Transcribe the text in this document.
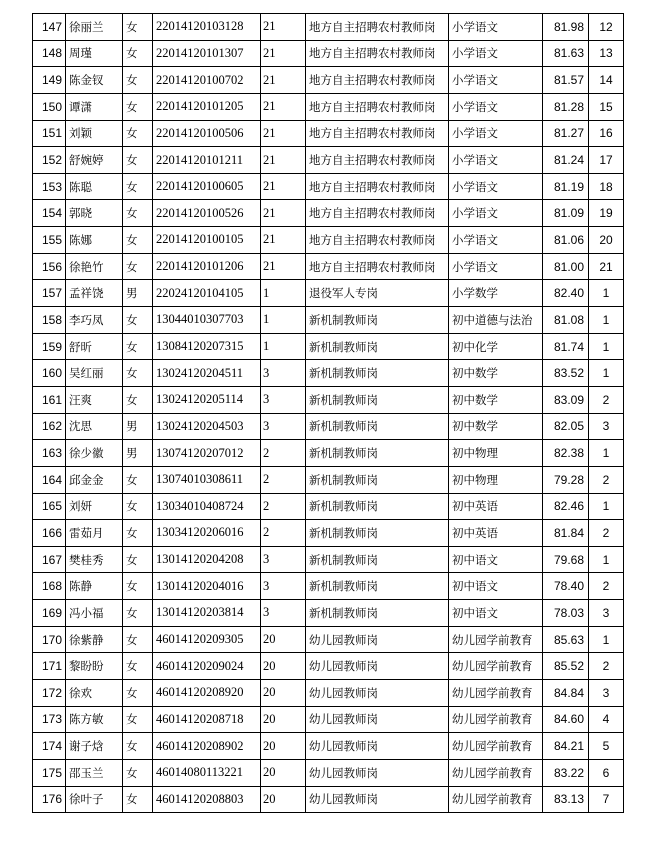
147	徐丽兰	女	22014120103128	21	地方自主招聘农村教师岗	小学语文	81.98	12
148	周瑾	女	22014120101307	21	地方自主招聘农村教师岗	小学语文	81.63	13
149	陈金钗	女	22014120100702	21	地方自主招聘农村教师岗	小学语文	81.57	14
150	谭潇	女	22014120101205	21	地方自主招聘农村教师岗	小学语文	81.28	15
151	刘颖	女	22014120100506	21	地方自主招聘农村教师岗	小学语文	81.27	16
152	舒婉婷	女	22014120101211	21	地方自主招聘农村教师岗	小学语文	81.24	17
153	陈聪	女	22014120100605	21	地方自主招聘农村教师岗	小学语文	81.19	18
154	郭晓	女	22014120100526	21	地方自主招聘农村教师岗	小学语文	81.09	19
155	陈娜	女	22014120100105	21	地方自主招聘农村教师岗	小学语文	81.06	20
156	徐艳竹	女	22014120101206	21	地方自主招聘农村教师岗	小学语文	81.00	21
157	孟祥饶	男	22024120104105	1	退役军人专岗	小学数学	82.40	1
158	李巧凤	女	13044010307703	1	新机制教师岗	初中道德与法治	81.08	1
159	舒昕	女	13084120207315	1	新机制教师岗	初中化学	81.74	1
160	吴红丽	女	13024120204511	3	新机制教师岗	初中数学	83.52	1
161	汪爽	女	13024120205114	3	新机制教师岗	初中数学	83.09	2
162	沈思	男	13024120204503	3	新机制教师岗	初中数学	82.05	3
163	徐少徽	男	13074120207012	2	新机制教师岗	初中物理	82.38	1
164	邱金金	女	13074010308611	2	新机制教师岗	初中物理	79.28	2
165	刘妍	女	13034010408724	2	新机制教师岗	初中英语	82.46	1
166	雷茹月	女	13034120206016	2	新机制教师岗	初中英语	81.84	2
167	樊桂秀	女	13014120204208	3	新机制教师岗	初中语文	79.68	1
168	陈静	女	13014120204016	3	新机制教师岗	初中语文	78.40	2
169	冯小福	女	13014120203814	3	新机制教师岗	初中语文	78.03	3
170	徐紫静	女	46014120209305	20	幼儿园教师岗	幼儿园学前教育	85.63	1
171	黎盼盼	女	46014120209024	20	幼儿园教师岗	幼儿园学前教育	85.52	2
172	徐欢	女	46014120208920	20	幼儿园教师岗	幼儿园学前教育	84.84	3
173	陈方敏	女	46014120208718	20	幼儿园教师岗	幼儿园学前教育	84.60	4
174	谢子焓	女	46014120208902	20	幼儿园教师岗	幼儿园学前教育	84.21	5
175	邵玉兰	女	46014080113221	20	幼儿园教师岗	幼儿园学前教育	83.22	6
176	徐叶子	女	46014120208803	20	幼儿园教师岗	幼儿园学前教育	83.13	7
